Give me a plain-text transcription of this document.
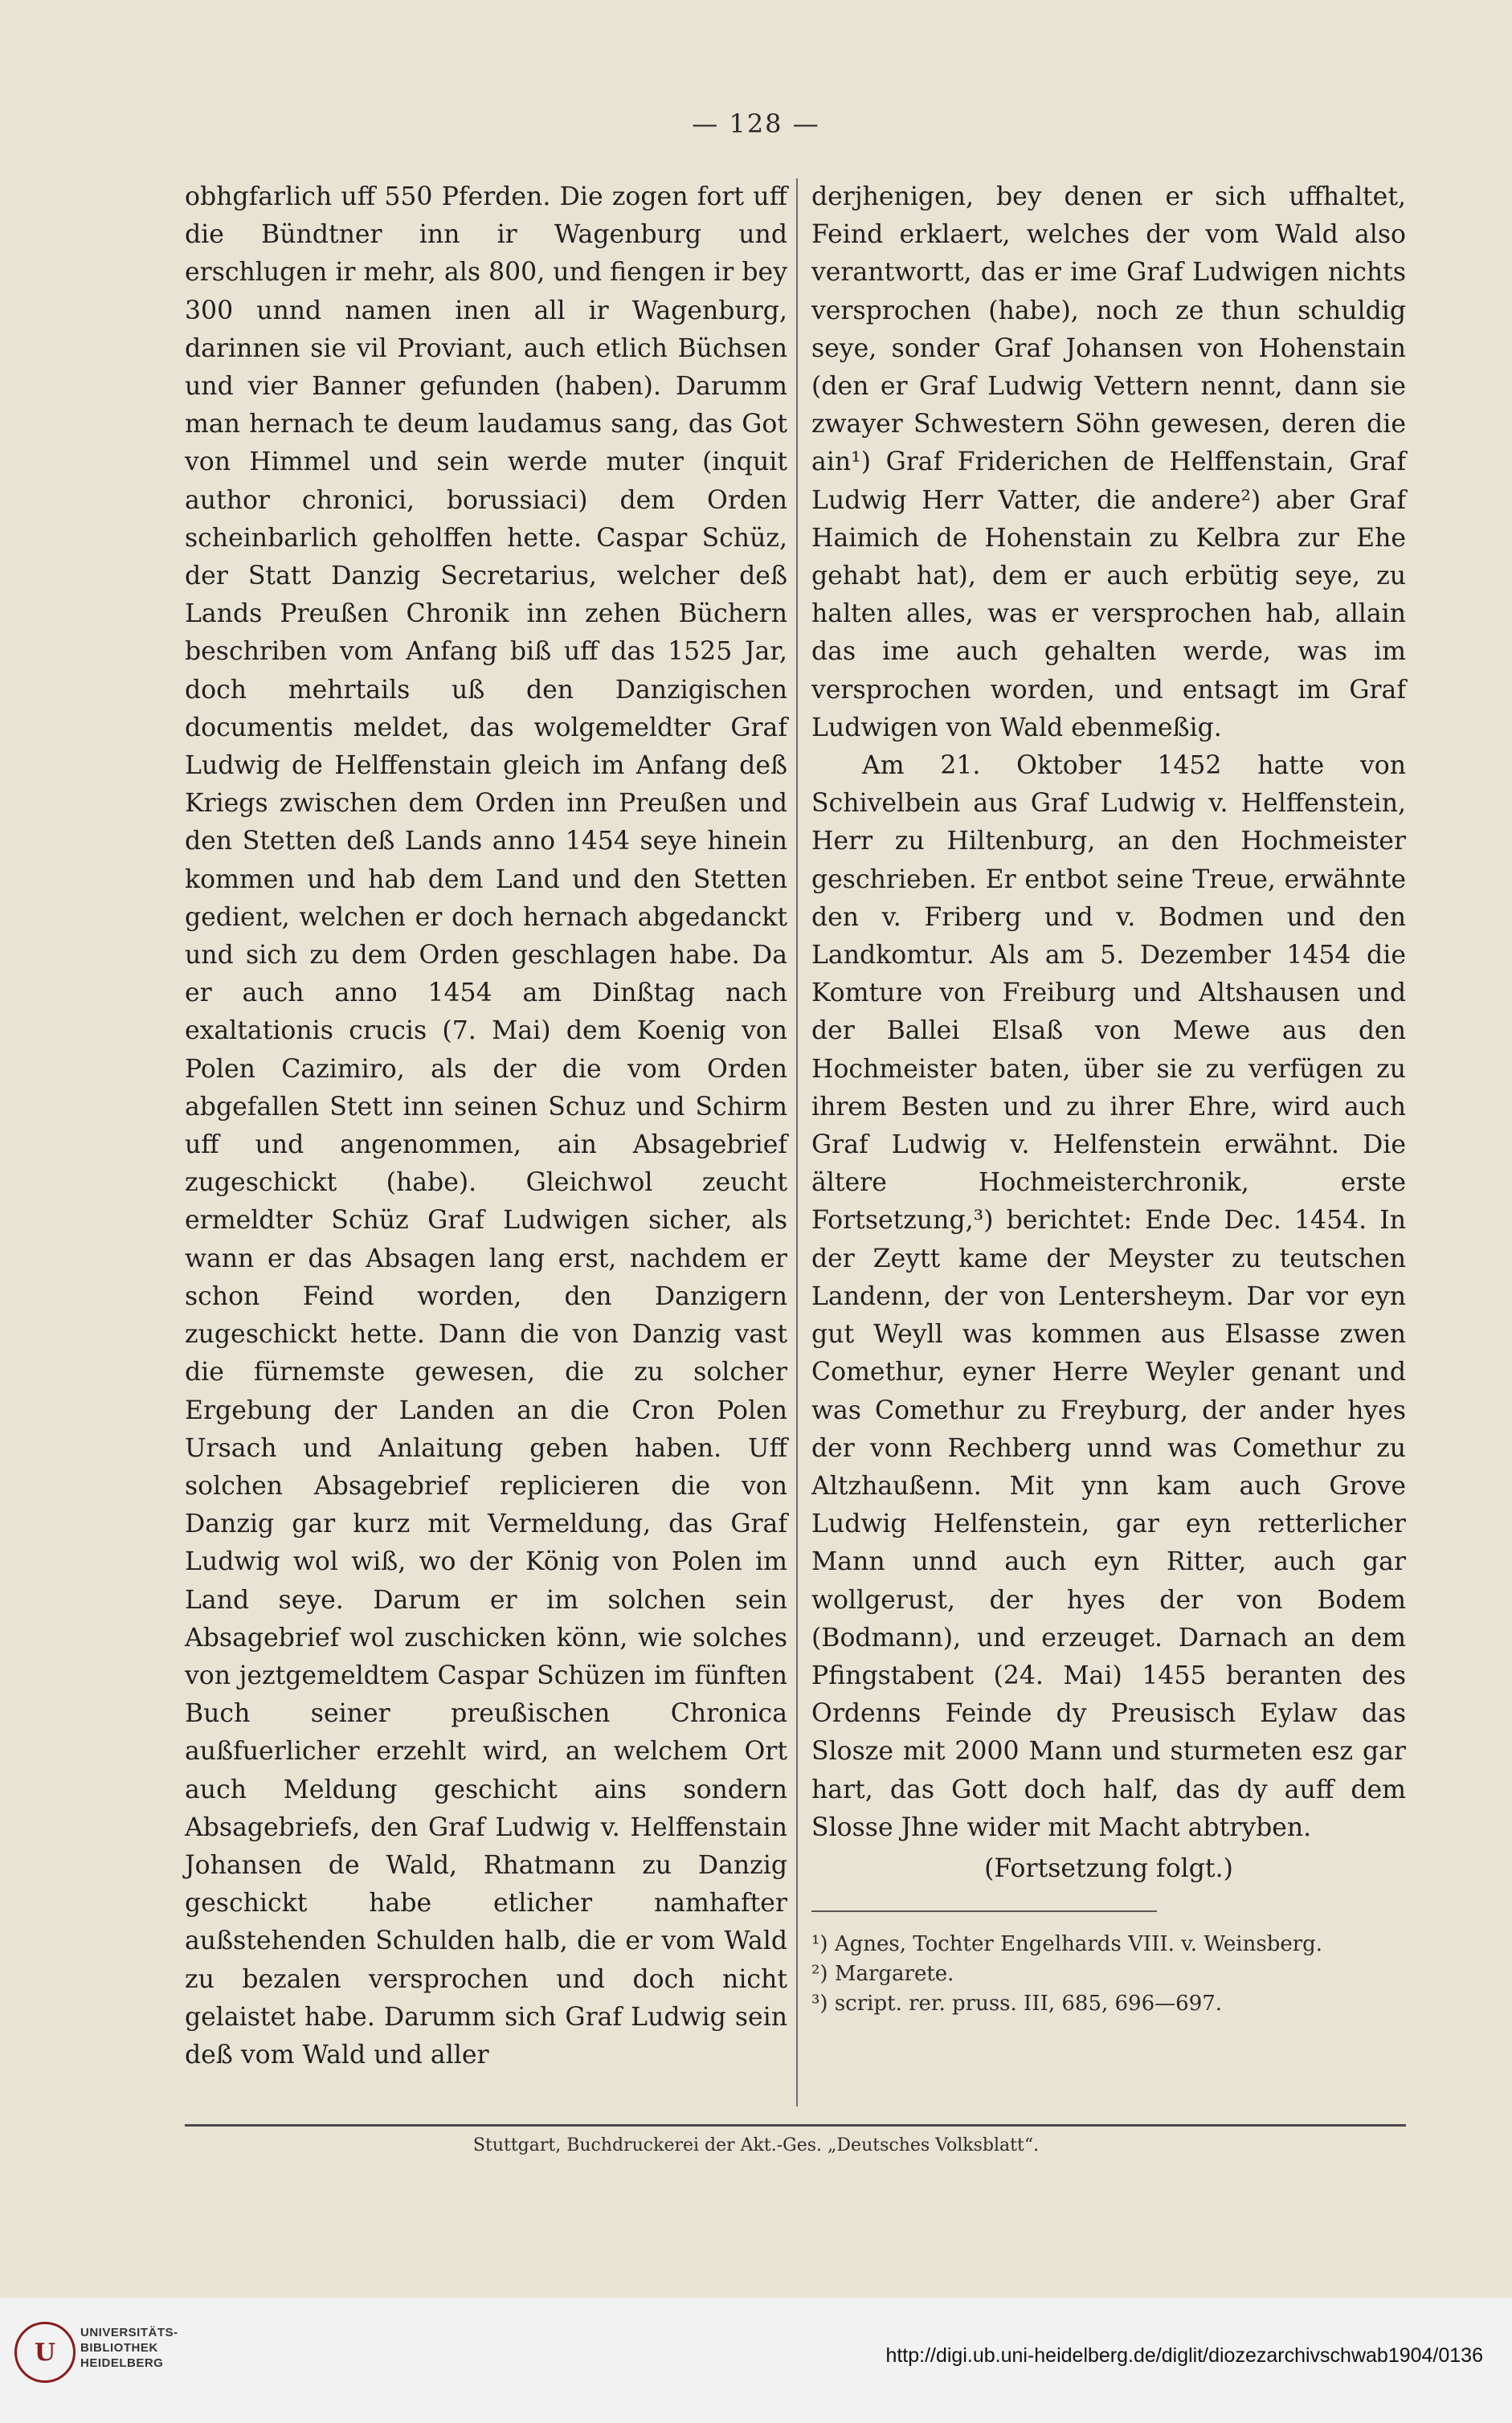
— 128 —

obhgfarlich uff 550 Pferden. Die zogen fort uff die Bündtner inn ir Wagenburg und erschlugen ir mehr, als 800, und fiengen ir bey 300 unnd namen inen all ir Wagenburg, darinnen sie vil Proviant, auch etlich Büchsen und vier Banner gefunden (haben). Darumm man hernach te deum laudamus sang, das Got von Himmel und sein werde muter (inquit author chronici, borussiaci) dem Orden scheinbarlich geholffen hette. Caspar Schüz, der Statt Danzig Secretarius, welcher deß Lands Preußen Chronik inn zehen Büchern beschriben vom Anfang biß uff das 1525 Jar, doch mehrtails uß den Danzigischen documentis meldet, das wolgemeldter Graf Ludwig de Helffenstain gleich im Anfang deß Kriegs zwischen dem Orden inn Preußen und den Stetten deß Lands anno 1454 seye hinein kommen und hab dem Land und den Stetten gedient, welchen er doch hernach abgedanckt und sich zu dem Orden geschlagen habe. Da er auch anno 1454 am Dinßtag nach exaltationis crucis (7. Mai) dem Koenig von Polen Cazimiro, als der die vom Orden abgefallen Stett inn seinen Schuz und Schirm uff und angenommen, ain Absagebrief zugeschickt (habe). Gleichwol zeucht ermeldter Schüz Graf Ludwigen sicher, als wann er das Absagen lang erst, nachdem er schon Feind worden, den Danzigern zugeschickt hette. Dann die von Danzig vast die fürnemste gewesen, die zu solcher Ergebung der Landen an die Cron Polen Ursach und Anlaitung geben haben. Uff solchen Absagebrief replicieren die von Danzig gar kurz mit Vermeldung, das Graf Ludwig wol wiß, wo der König von Polen im Land seye. Darum er im solchen sein Absagebrief wol zuschicken könn, wie solches von jeztgemeldtem Caspar Schüzen im fünften Buch seiner preußischen Chronica außfuerlicher erzehlt wird, an welchem Ort auch Meldung geschicht ains sondern Absagebriefs, den Graf Ludwig v. Helffenstain Johansen de Wald, Rhatmann zu Danzig geschickt habe etlicher namhafter außstehenden Schulden halb, die er vom Wald zu bezalen versprochen und doch nicht gelaistet habe. Darumm sich Graf Ludwig sein deß vom Wald und aller

derjhenigen, bey denen er sich uffhaltet, Feind erklaert, welches der vom Wald also verantwortt, das er ime Graf Ludwigen nichts versprochen (habe), noch ze thun schuldig seye, sonder Graf Johansen von Hohenstain (den er Graf Ludwig Vettern nennt, dann sie zwayer Schwestern Söhn gewesen, deren die ain¹) Graf Friderichen de Helffenstain, Graf Ludwig Herr Vatter, die andere²) aber Graf Haimich de Hohenstain zu Kelbra zur Ehe gehabt hat), dem er auch erbütig seye, zu halten alles, was er versprochen hab, allain das ime auch gehalten werde, was im versprochen worden, und entsagt im Graf Ludwigen von Wald ebenmeßig.

Am 21. Oktober 1452 hatte von Schivelbein aus Graf Ludwig v. Helffenstein, Herr zu Hiltenburg, an den Hochmeister geschrieben. Er entbot seine Treue, erwähnte den v. Friberg und v. Bodmen und den Landkomtur. Als am 5. Dezember 1454 die Komture von Freiburg und Altshausen und der Ballei Elsaß von Mewe aus den Hochmeister baten, über sie zu verfügen zu ihrem Besten und zu ihrer Ehre, wird auch Graf Ludwig v. Helfenstein erwähnt. Die ältere Hochmeisterchronik, erste Fortsetzung,³) berichtet: Ende Dec. 1454. In der Zeytt kame der Meyster zu teutschen Landenn, der von Lentersheym. Dar vor eyn gut Weyll was kommen aus Elsasse zwen Comethur, eyner Herre Weyler genant und was Comethur zu Freyburg, der ander hyes der vonn Rechberg unnd was Comethur zu Altzhaußenn. Mit ynn kam auch Grove Ludwig Helfenstein, gar eyn retterlicher Mann unnd auch eyn Ritter, auch gar wollgerust, der hyes der von Bodem (Bodmann), und erzeuget. Darnach an dem Pfingstabent (24. Mai) 1455 beranten des Ordenns Feinde dy Preusisch Eylaw das Slosze mit 2000 Mann und sturmeten esz gar hart, das Gott doch half, das dy auff dem Slosse Jhne wider mit Macht abtryben.

(Fortsetzung folgt.)

¹) Agnes, Tochter Engelhards VIII. v. Weinsberg.

²) Margarete.

³) script. rer. pruss. III, 685, 696—697.

Stuttgart, Buchdruckerei der Akt.-Ges. „Deutsches Volksblatt“.
U
UNIVERSITÄTS-
BIBLIOTHEK
HEIDELBERG	http://digi.ub.uni-heidelberg.de/diglit/diozezarchivschwab1904/0136
